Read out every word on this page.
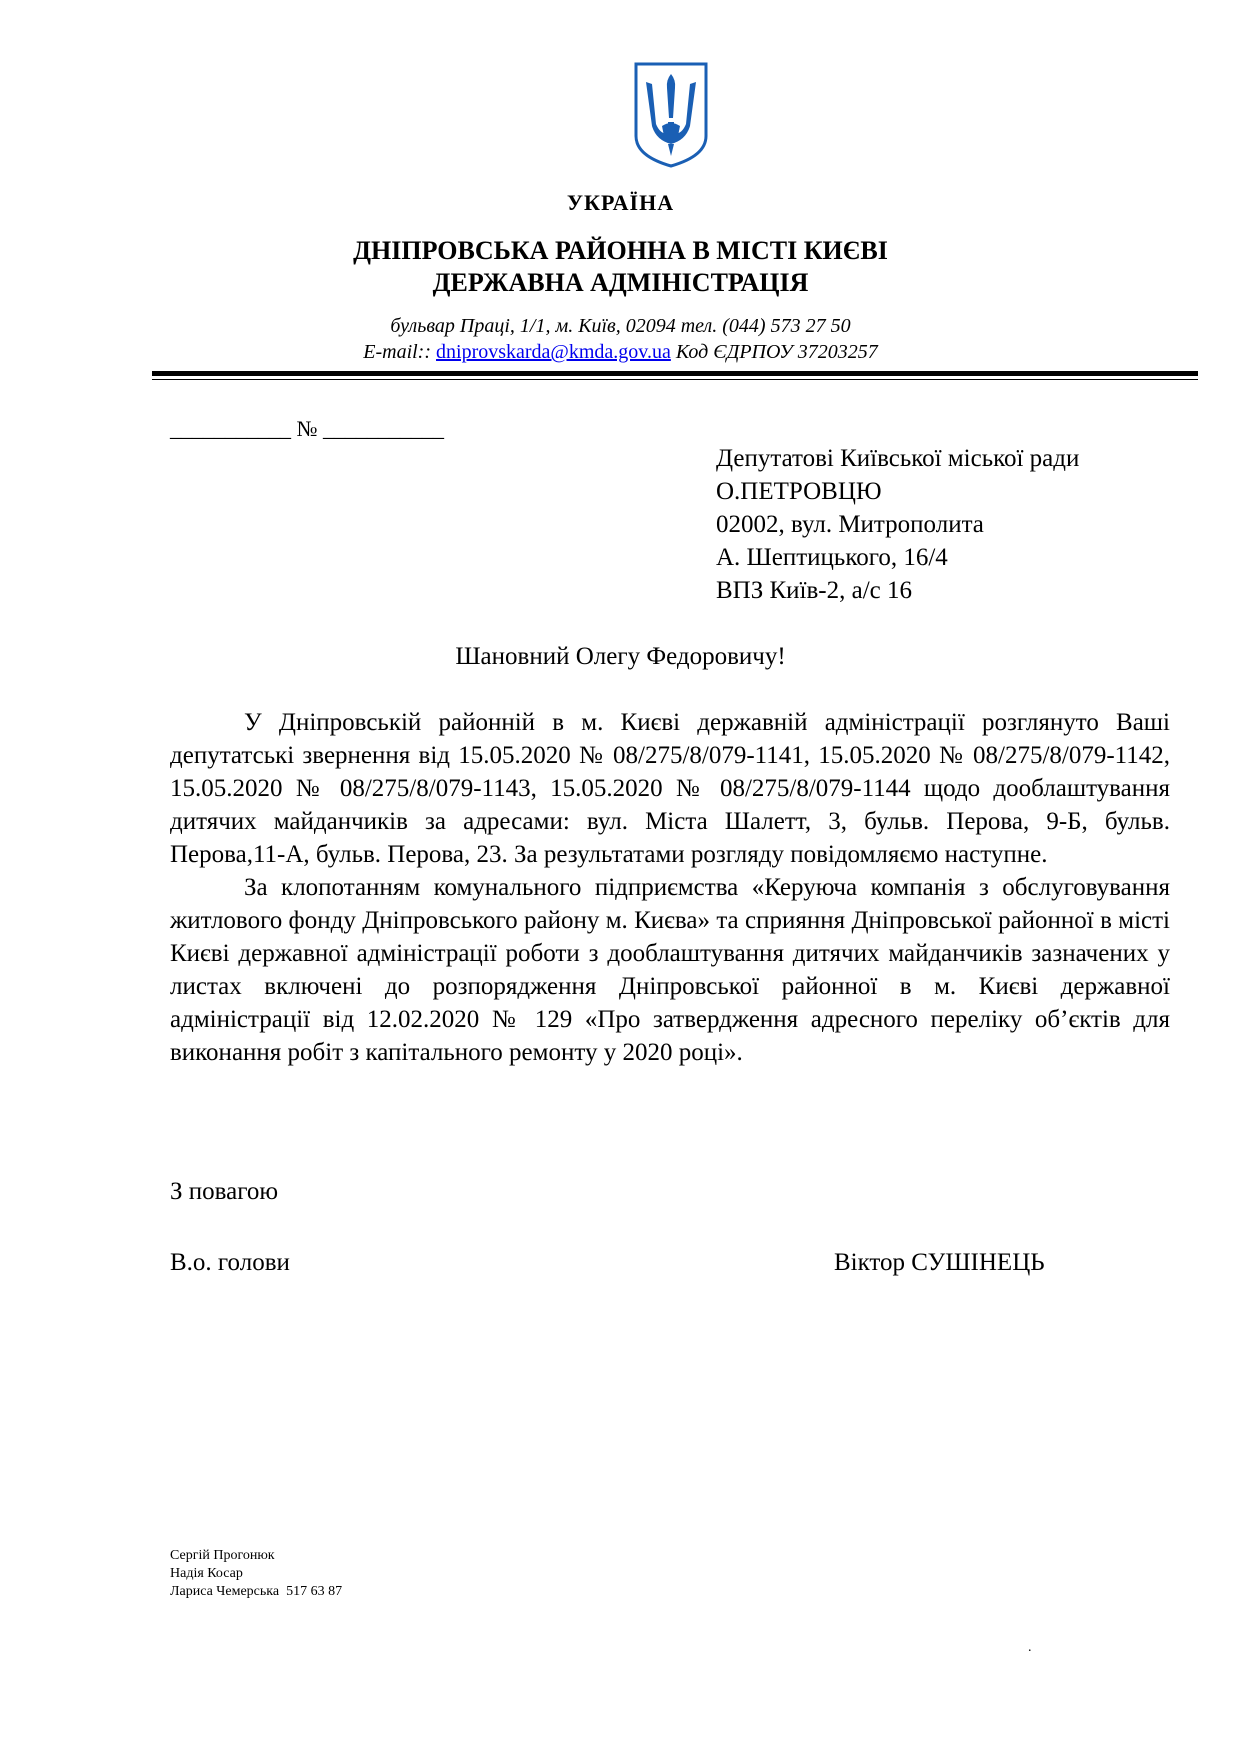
УКРАЇНА
ДНІПРОВСЬКА РАЙОННА В МІСТІ КИЄВІ
ДЕРЖАВНА АДМІНІСТРАЦІЯ
бульвар Праці, 1/1, м. Київ, 02094 тел. (044) 573 27 50
E-mail:: dniprovskarda@kmda.gov.ua Код ЄДРПОУ 37203257
___________ № ___________
Депутатові Київської міської ради
О.ПЕТРОВЦЮ
02002, вул. Митрополита
А. Шептицького, 16/4
ВПЗ Київ-2, а/с 16
Шановний Олегу Федоровичу!

У Дніпровській районній в м. Києві державній адміністрації розглянуто Ваші депутатські звернення від 15.05.2020 № 08/275/8/079-1141, 15.05.2020 № 08/275/8/079-1142, 15.05.2020 № 08/275/8/079-1143, 15.05.2020 № 08/275/8/079-1144 щодо дооблаштування дитячих майданчиків за адресами: вул. Міста Шалетт, 3, бульв. Перова, 9-Б, бульв. Перова,11-А, бульв. Перова, 23. За результатами розгляду повідомляємо наступне.

За клопотанням комунального підприємства «Керуюча компанія з обслуговування житлового фонду Дніпровського району м. Києва» та сприяння Дніпровської районної в місті Києві державної адміністрації роботи з дооблаштування дитячих майданчиків зазначених у листах включені до розпорядження Дніпровської районної в м. Києві державної адміністрації від 12.02.2020 № 129 «Про затвердження адресного переліку об’єктів для виконання робіт з капітального ремонту у 2020 році».

З повагою
В.о. голови	Віктор СУШІНЕЦЬ
Сергій Прогонюк
Надія Косар
Лариса Чемерська  517 63 87
.
